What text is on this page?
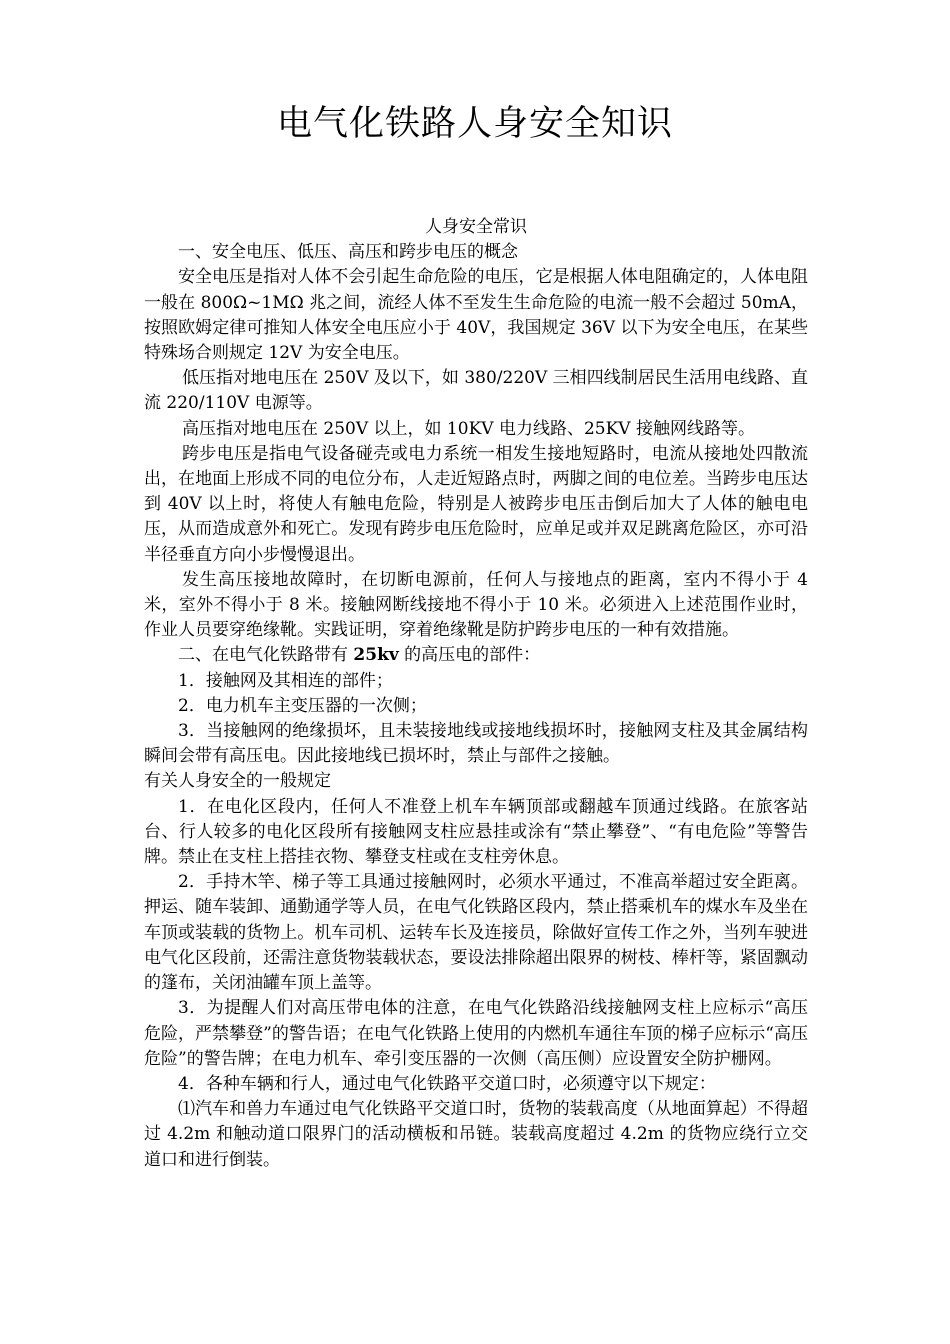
电气化铁路人身安全知识

人身安全常识

一、安全电压、低压、高压和跨步电压的概念

安全电压是指对人体不会引起生命危险的电压，它是根据人体电阻确定的，人体电阻一般在 800Ω~1MΩ 兆之间，流经人体不至发生生命危险的电流一般不会超过 50mA，按照欧姆定律可推知人体安全电压应小于 40V，我国规定 36V 以下为安全电压，在某些特殊场合则规定 12V 为安全电压。

低压指对地电压在 250V 及以下，如 380/220V 三相四线制居民生活用电线路、直流 220/110V 电源等。

高压指对地电压在 250V 以上，如 10KV 电力线路、25KV 接触网线路等。

跨步电压是指电气设备碰壳或电力系统一相发生接地短路时，电流从接地处四散流出，在地面上形成不同的电位分布，人走近短路点时，两脚之间的电位差。当跨步电压达到 40V 以上时，将使人有触电危险，特别是人被跨步电压击倒后加大了人体的触电电压，从而造成意外和死亡。发现有跨步电压危险时，应单足或并双足跳离危险区，亦可沿半径垂直方向小步慢慢退出。

发生高压接地故障时，在切断电源前，任何人与接地点的距离，室内不得小于 4 米，室外不得小于 8 米。接触网断线接地不得小于 10 米。必须进入上述范围作业时，作业人员要穿绝缘靴。实践证明，穿着绝缘靴是防护跨步电压的一种有效措施。

二、在电气化铁路带有 25kv 的高压电的部件：

1．接触网及其相连的部件；

2．电力机车主变压器的一次侧；

3．当接触网的绝缘损坏，且未装接地线或接地线损坏时，接触网支柱及其金属结构瞬间会带有高压电。因此接地线已损坏时，禁止与部件之接触。

有关人身安全的一般规定

1．在电化区段内，任何人不准登上机车车辆顶部或翻越车顶通过线路。在旅客站台、行人较多的电化区段所有接触网支柱应悬挂或涂有“禁止攀登”、“有电危险”等警告牌。禁止在支柱上搭挂衣物、攀登支柱或在支柱旁休息。

2．手持木竿、梯子等工具通过接触网时，必须水平通过，不准高举超过安全距离。押运、随车装卸、通勤通学等人员，在电气化铁路区段内，禁止搭乘机车的煤水车及坐在车顶或装载的货物上。机车司机、运转车长及连接员，除做好宣传工作之外，当列车驶进电气化区段前，还需注意货物装载状态，要设法排除超出限界的树枝、棒杆等，紧固飘动的篷布，关闭油罐车顶上盖等。

3．为提醒人们对高压带电体的注意，在电气化铁路沿线接触网支柱上应标示“高压危险，严禁攀登”的警告语；在电气化铁路上使用的内燃机车通往车顶的梯子应标示“高压危险”的警告牌；在电力机车、牵引变压器的一次侧（高压侧）应设置安全防护栅网。

4．各种车辆和行人，通过电气化铁路平交道口时，必须遵守以下规定：

⑴汽车和兽力车通过电气化铁路平交道口时，货物的装载高度（从地面算起）不得超过 4.2m 和触动道口限界门的活动横板和吊链。装载高度超过 4.2m 的货物应绕行立交道口和进行倒装。
